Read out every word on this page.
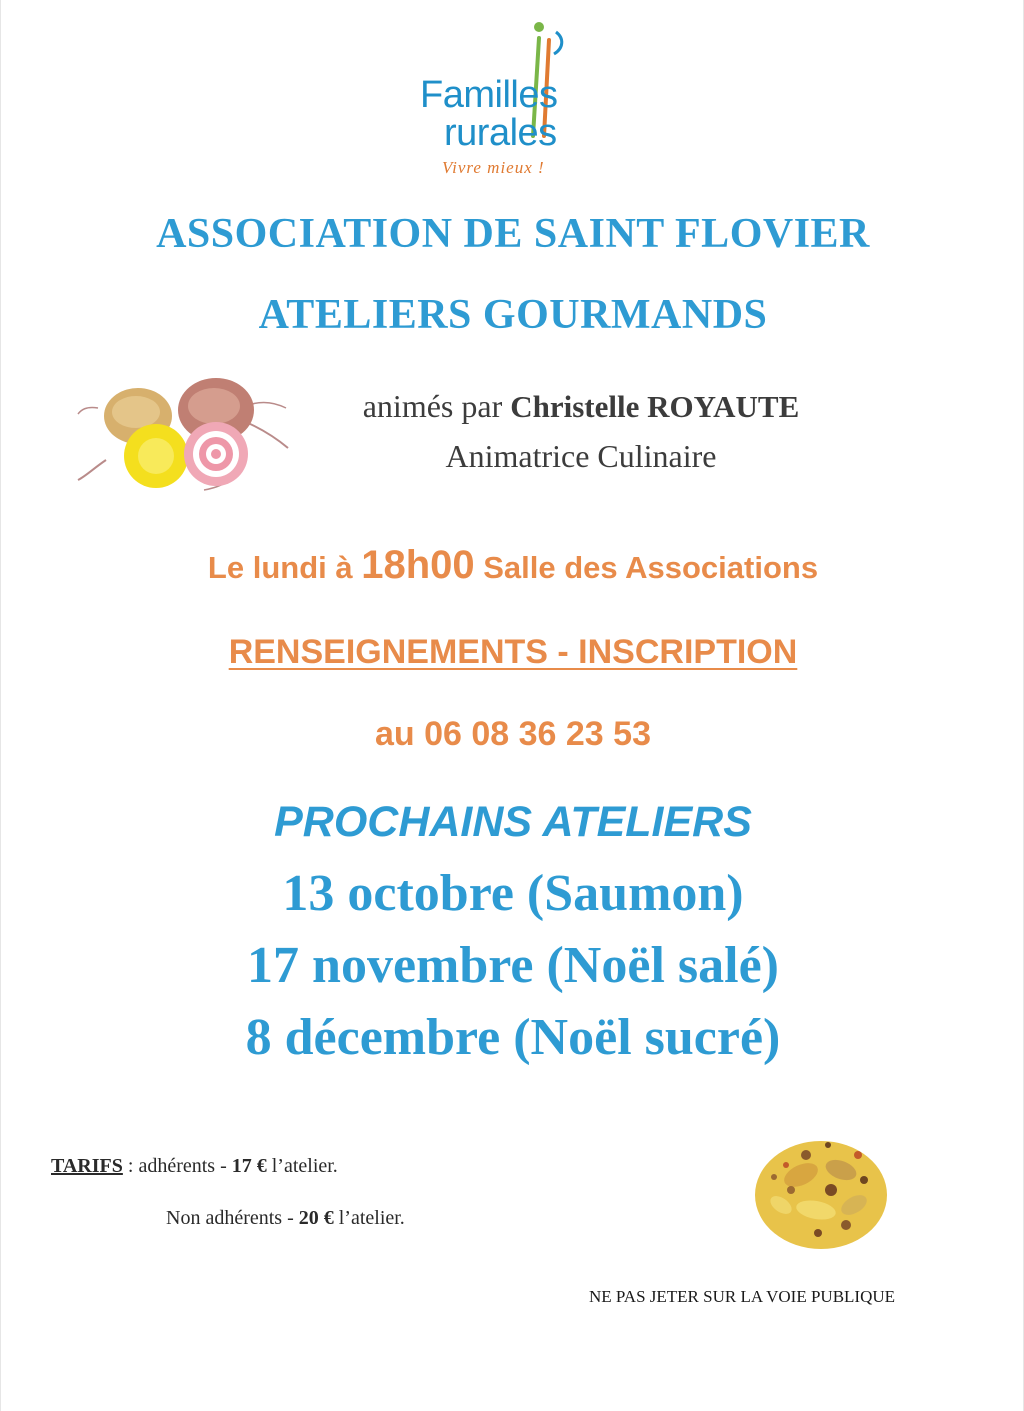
Familles
rurales
Vivre mieux !
ASSOCIATION DE SAINT FLOVIER
ATELIERS GOURMANDS
animés par Christelle ROYAUTE
Animatrice Culinaire
Le lundi à 18h00 Salle des Associations
RENSEIGNEMENTS - INSCRIPTION
au 06 08 36 23 53
PROCHAINS ATELIERS
13 octobre (Saumon)
17 novembre (Noël salé)
8 décembre (Noël sucré)
TARIFS : adhérents - 17 € l’atelier.
Non adhérents - 20 € l’atelier.
NE PAS JETER SUR LA VOIE PUBLIQUE
